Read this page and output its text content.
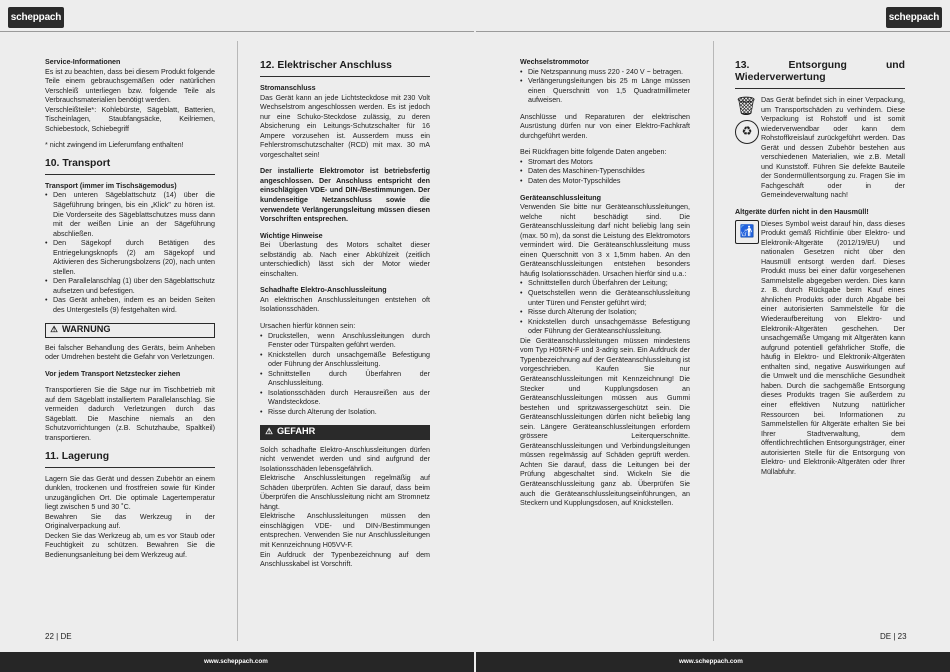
scheppach

Service-Informationen
Es ist zu beachten, dass bei diesem Produkt folgende Teile einem gebrauchsgemäßen oder natürlichen Verschleiß unterliegen bzw. folgende Teile als Verbrauchsmaterialien benötigt werden.
Verschleißteile*: Kohlebürste, Sägeblatt, Batterien, Tischeinlagen, Staubfangsäcke, Keilriemen, Schiebestock, Schiebegriff

* nicht zwingend im Lieferumfang enthalten!

10. Transport

Transport (immer im Tischsägemodus)

• Den unteren Sägeblattschutz (14) über die Sägeführung bringen, bis ein „Klick" zu hören ist. Die Vorderseite des Sägeblattschutzes muss dann mit der weißen Linie an der Sägeführung abschließen.
• Den Sägekopf durch Betätigen des Entriegelungsknopfs (2) am Sägekopf und Aktivieren des Sicherungsbolzens (20), nach unten stellen.
• Den Parallelanschlag (1) über den Sägeblattschutz aufsetzen und befestigen.
• Das Gerät anheben, indem es an beiden Seiten des Untergestells (9) festgehalten wird.
⚠ WARNUNG

Bei falscher Behandlung des Geräts, beim Anheben oder Umdrehen besteht die Gefahr von Verletzungen.

Vor jedem Transport Netzstecker ziehen

Transportieren Sie die Säge nur im Tischbetrieb mit auf dem Sägeblatt installiertem Parallelanschlag. Sie vermeiden dadurch Verletzungen durch das Sägeblatt. Die Maschine niemals an den Schutzvorrichtungen (z.B. Schutzhaube, Spaltkeil) transportieren.

11. Lagerung

Lagern Sie das Gerät und dessen Zubehör an einem dunklen, trockenen und frostfreien sowie für Kinder unzugänglichen Ort. Die optimale Lagertemperatur liegt zwischen 5 und 30 ˚C.

Bewahren Sie das Werkzeug in der Originalverpackung auf.

Decken Sie das Werkzeug ab, um es vor Staub oder Feuchtigkeit zu schützen. Bewahren Sie die Bedienungsanleitung bei dem Werkzeug auf.

12. Elektrischer Anschluss

Stromanschluss
Das Gerät kann an jede Lichtsteckdose mit 230 Volt Wechselstrom angeschlossen werden. Es ist jedoch nur eine Schuko-Steckdose zulässig, zu deren Absicherung ein Leitungs-Schutzschalter für 16 Ampere vorzusehen ist. Ausserdem muss ein Fehlerstromschutzschalter (RCD) mit max. 30 mA vorgeschaltet sein!

Der installierte Elektromotor ist betriebsfertig angeschlossen. Der Anschluss entspricht den einschlägigen VDE- und DIN-/Bestimmungen. Der kundenseitige Netzanschluss sowie die verwendete Verlängerungsleitung müssen diesen Vorschriften entsprechen.

Wichtige Hinweise
Bei Überlastung des Motors schaltet dieser selbständig ab. Nach einer Abkühlzeit (zeitlich unterschiedlich) lässt sich der Motor wieder einschalten.

Schadhafte Elektro-Anschlussleitung
An elektrischen Anschlussleitungen entstehen oft Isolationsschäden.

Ursachen hierfür können sein:

• Druckstellen, wenn Anschlussleitungen durch Fenster oder Türspalten geführt werden.
• Knickstellen durch unsachgemäße Befestigung oder Führung der Anschlussleitung.
• Schnittstellen durch Überfahren der Anschlussleitung.
• Isolationsschäden durch Herausreißen aus der Wandsteckdose.
• Risse durch Alterung der Isolation.
⚠ GEFAHR

Solch schadhafte Elektro-Anschlussleitungen dürfen nicht verwendet werden und sind aufgrund der Isolationsschäden lebensgefährlich.

Elektrische Anschlussleitungen regelmäßig auf Schäden überprüfen. Achten Sie darauf, dass beim Überprüfen die Anschlussleitung nicht am Stromnetz hängt.

Elektrische Anschlussleitungen müssen den einschlägigen VDE- und DIN-/Bestimmungen entsprechen. Verwenden Sie nur Anschlussleitungen mit Kennzeichnung H05VV-F.

Ein Aufdruck der Typenbezeichnung auf dem Anschlusskabel ist Vorschrift.

22 | DE
www.scheppach.com
scheppach

Wechselstrommotor

• Die Netzspannung muss 220 - 240 V ~ betragen.
• Verlängerungsleitungen bis 25 m Länge müssen einen Querschnitt von 1,5 Quadratmillimeter aufweisen.

Anschlüsse und Reparaturen der elektrischen Ausrüstung dürfen nur von einer Elektro-Fachkraft durchgeführt werden.

Bei Rückfragen bitte folgende Daten angeben:

• Stromart des Motors
• Daten des Maschinen-Typenschildes
• Daten des Motor-Typschildes

Geräteanschlussleitung
Verwenden Sie bitte nur Geräteanschlussleitungen, welche nicht beschädigt sind. Die Geräteanschlussleitung darf nicht beliebig lang sein (max. 50 m), da sonst die Leistung des Elektromotors vermindert wird. Die Geräteanschlussleitung muss einen Querschnitt von 3 x 1,5mm haben. An den Geräteanschlussleitungen entstehen besonders häufig Isolationsschäden. Ursachen hierfür sind u.a.:

• Schnittstellen durch Überfahren der Leitung;
• Quetschstellen wenn die Geräteanschlussleitung unter Türen und Fenster geführt wird;
• Risse durch Alterung der Isolation;
• Knickstellen durch unsachgemässe Befestigung oder Führung der Geräteanschlussleitung.

Die Geräteanschlussleitungen müssen mindestens vom Typ H05RN-F und 3-adrig sein. Ein Aufdruck der Typenbezeichnung auf der Geräteanschlussleitung ist vorgeschrieben. Kaufen Sie nur Geräteanschlussleitungen mit Kennzeichnung! Die Stecker und Kupplungsdosen an Geräteanschlussleitungen müssen aus Gummi bestehen und spritzwassergeschützt sein. Die Geräteanschlussleitungen dürfen nicht beliebig lang sein. Längere Geräteanschlussleitungen erfordern grössere Leiterquerschnitte. Geräteanschlussleitungen und Verbindungsleitungen müssen regelmässig auf Schäden geprüft werden. Achten Sie darauf, dass die Leitungen bei der Prüfung abgeschaltet sind. Wickeln Sie die Geräteanschlussleitung ganz ab. Überprüfen Sie auch die Geräteanschlussleitungseinführungen, an Steckern und Kupplungsdosen, auf Knickstellen.

13. Entsorgung und Wiederverwertung
🗑
♻

Das Gerät befindet sich in einer Verpackung, um Transportschäden zu verhindern. Diese Verpackung ist Rohstoff und ist somit wiederverwendbar oder kann dem Rohstoffkreislauf zurückgeführt werden. Das Gerät und dessen Zubehör bestehen aus verschiedenen Materialien, wie z.B. Metall und Kunststoff. Führen Sie defekte Bauteile der Sondermüllentsorgung zu. Fragen Sie im Fachgeschäft oder in der Gemeindeverwaltung nach!

Altgeräte dürfen nicht in den Hausmüll!

🚮

Dieses Symbol weist darauf hin, dass dieses Produkt gemäß Richtlinie über Elektro- und Elektronik-Altgeräte (2012/19/EU) und nationalen Gesetzen nicht über den Hausmüll entsorgt werden darf. Dieses Produkt muss bei einer dafür vorgesehenen Sammelstelle abgegeben werden. Dies kann z. B. durch Rückgabe beim Kauf eines ähnlichen Produkts oder durch Abgabe bei einer autorisierten Sammelstelle für die Wiederaufbereitung von Elektro- und Elektronik-Altgeräten geschehen. Der unsachgemäße Umgang mit Altgeräten kann aufgrund potentiell gefährlicher Stoffe, die häufig in Elektro- und Elektronik-Altgeräten enthalten sind, negative Auswirkungen auf die Umwelt und die menschliche Gesundheit haben. Durch die sachgemäße Entsorgung dieses Produkts tragen Sie außerdem zu einer effektiven Nutzung natürlicher Ressourcen bei. Informationen zu Sammelstellen für Altgeräte erhalten Sie bei Ihrer Stadtverwaltung, dem öffentlichrechtlichen Entsorgungsträger, einer autorisierten Stelle für die Entsorgung von Elektro- und Elektronik-Altgeräten oder Ihrer Müllabfuhr.

DE | 23
www.scheppach.com
